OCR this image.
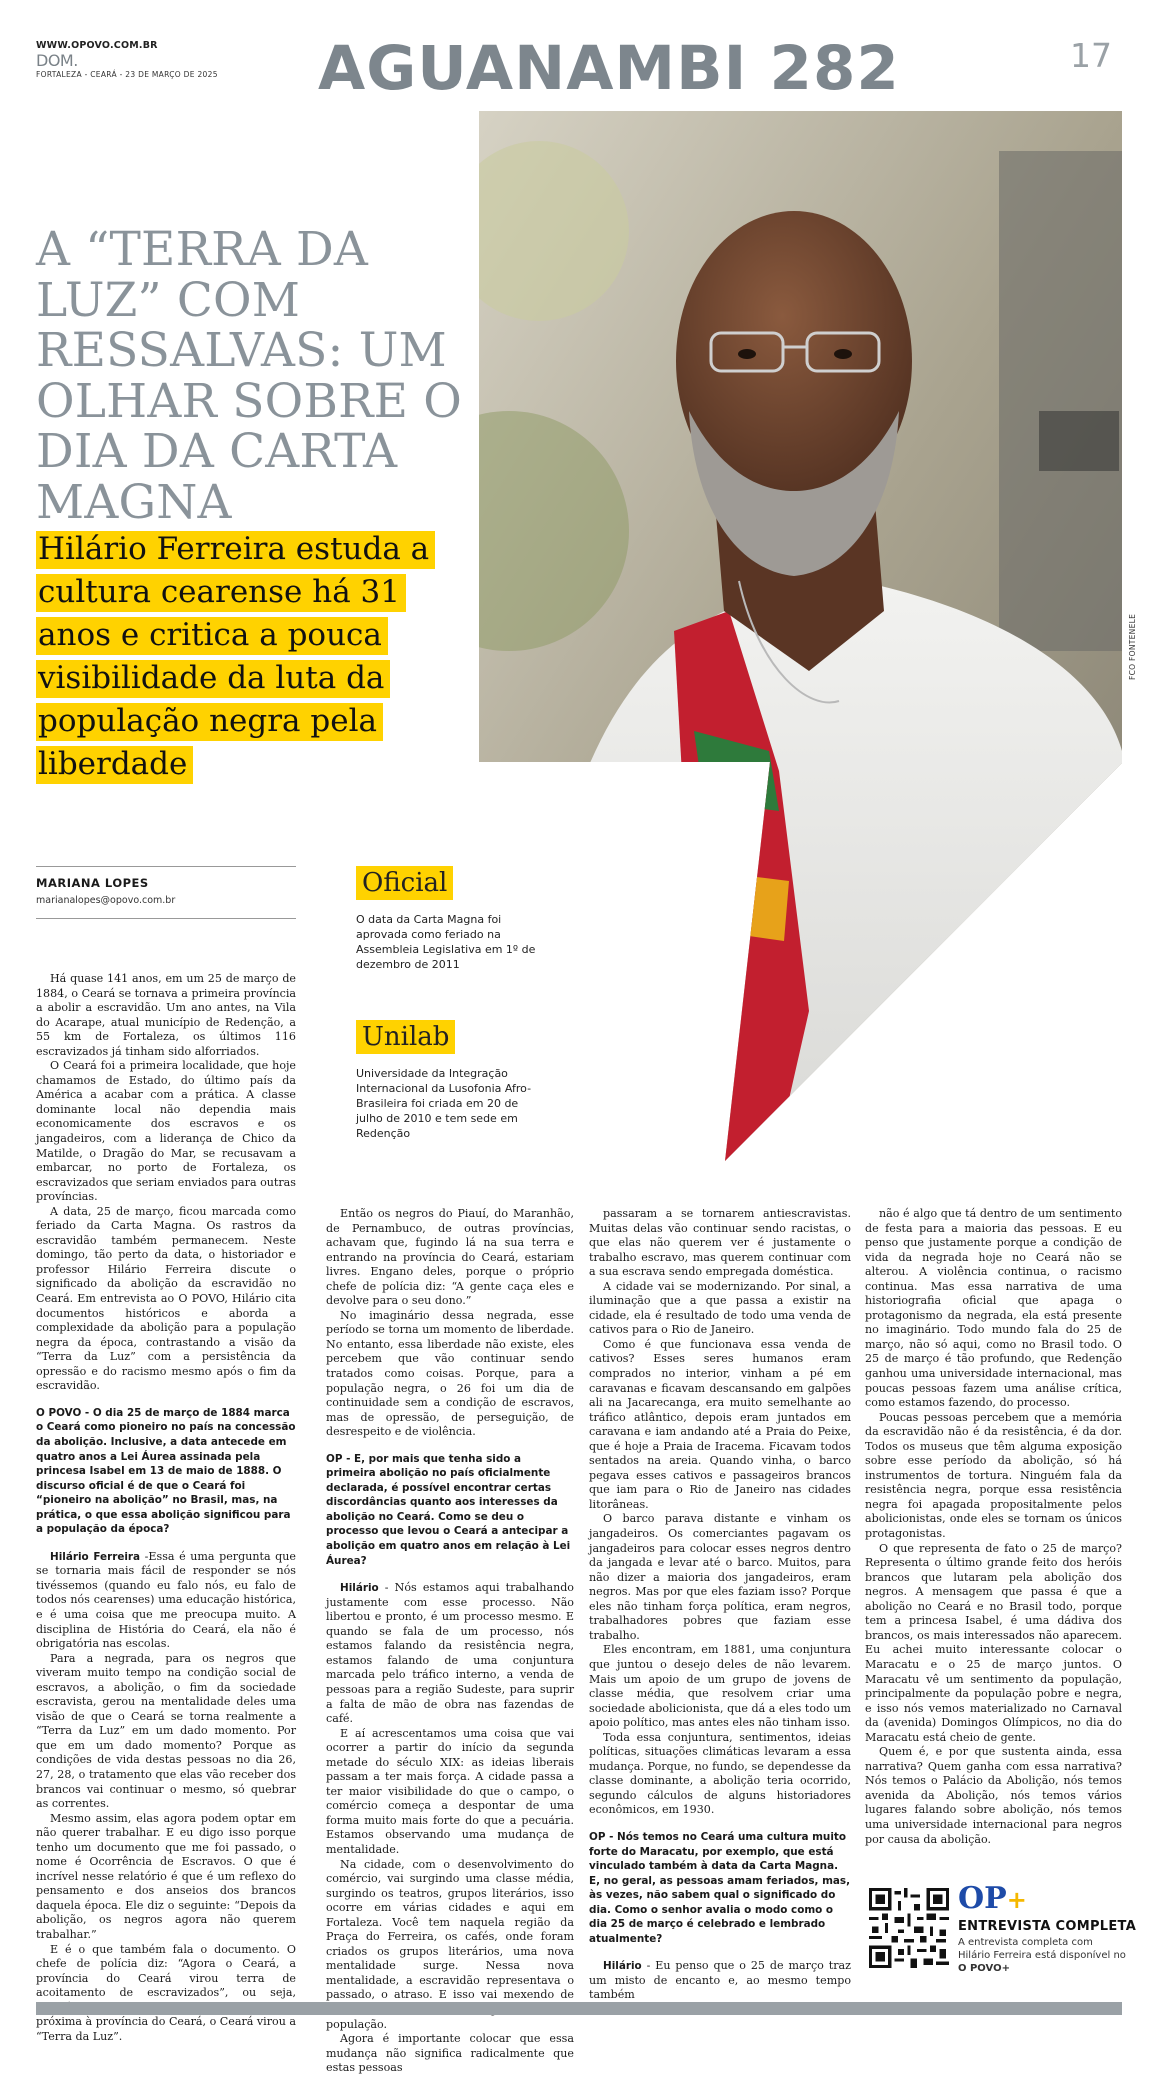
WWW.OPOVO.COM.BR
DOM.
FORTALEZA - CEARÁ - 23 DE MARÇO DE 2025 AGUANAMBI 282	17
FCO FONTENELE
A “TERRA DA LUZ” COM RESSALVAS: UM OLHAR SOBRE O DIA DA CARTA MAGNA
Hilário Ferreira estuda a cultura cearense há 31 anos e critica a pouca visibilidade da luta da população negra pela liberdade
MARIANA LOPES
marianalopes@opovo.com.br
Oficial
O data da Carta Magna foi aprovada como feriado na Assembleia Legislativa em 1º de dezembro de 2011
Unilab
Universidade da Integração Internacional da Lusofonia Afro-Brasileira foi criada em 20 de julho de 2010 e tem sede em Redenção

Há quase 141 anos, em um 25 de março de 1884, o Ceará se tornava a primeira província a abolir a escravidão. Um ano antes, na Vila do Acarape, atual município de Redenção, a 55 km de Fortaleza, os últimos 116 escravizados já tinham sido alforriados.

O Ceará foi a primeira localidade, que hoje chamamos de Estado, do último país da América a acabar com a prática. A classe dominante local não dependia mais economicamente dos escravos e os jangadeiros, com a liderança de Chico da Matilde, o Dragão do Mar, se recusavam a embarcar, no porto de Fortaleza, os escravizados que seriam enviados para outras províncias.

A data, 25 de março, ficou marcada como feriado da Carta Magna. Os rastros da escravidão também permanecem. Neste domingo, tão perto da data, o historiador e professor Hilário Ferreira discute o significado da abolição da escravidão no Ceará. Em entrevista ao O POVO, Hilário cita documentos históricos e aborda a complexidade da abolição para a população negra da época, contrastando a visão da “Terra da Luz” com a persistência da opressão e do racismo mesmo após o fim da escravidão.

O POVO - O dia 25 de março de 1884 marca o Ceará como pioneiro no país na concessão da abolição. Inclusive, a data antecede em quatro anos a Lei Áurea assinada pela princesa Isabel em 13 de maio de 1888. O discurso oficial é de que o Ceará foi “pioneiro na abolição” no Brasil, mas, na prática, o que essa abolição significou para a população da época?

Hilário Ferreira -Essa é uma pergunta que se tornaria mais fácil de responder se nós tivéssemos (quando eu falo nós, eu falo de todos nós cearenses) uma educação histórica, e é uma coisa que me preocupa muito. A disciplina de História do Ceará, ela não é obrigatória nas escolas.

Para a negrada, para os negros que viveram muito tempo na condição social de escravos, a abolição, o fim da sociedade escravista, gerou na mentalidade deles uma visão de que o Ceará se torna realmente a “Terra da Luz” em um dado momento. Por que em um dado momento? Porque as condições de vida destas pessoas no dia 26, 27, 28, o tratamento que elas vão receber dos brancos vai continuar o mesmo, só quebrar as correntes.

Mesmo assim, elas agora podem optar em não querer trabalhar. E eu digo isso porque tenho um documento que me foi passado, o nome é Ocorrência de Escravos. O que é incrível nesse relatório é que é um reflexo do pensamento e dos anseios dos brancos daquela época. Ele diz o seguinte: “Depois da abolição, os negros agora não querem trabalhar.”

E é o que também fala o documento. O chefe de polícia diz: “Agora o Ceará, a província do Ceará virou terra de acoitamento de escravizados”, ou seja, próxima à província do Ceará, o Ceará virou a “Terra da Luz”.

Então os negros do Piauí, do Maranhão, de Pernambuco, de outras províncias, achavam que, fugindo lá na sua terra e entrando na província do Ceará, estariam livres. Engano deles, porque o próprio chefe de polícia diz: “A gente caça eles e devolve para o seu dono.”

No imaginário dessa negrada, esse período se torna um momento de liberdade. No entanto, essa liberdade não existe, eles percebem que vão continuar sendo tratados como coisas. Porque, para a população negra, o 26 foi um dia de continuidade sem a condição de escravos, mas de opressão, de perseguição, de desrespeito e de violência.

OP - E, por mais que tenha sido a primeira abolição no país oficialmente declarada, é possível encontrar certas discordâncias quanto aos interesses da abolição no Ceará. Como se deu o processo que levou o Ceará a antecipar a abolição em quatro anos em relação à Lei Áurea?

Hilário - Nós estamos aqui trabalhando justamente com esse processo. Não libertou e pronto, é um processo mesmo. E quando se fala de um processo, nós estamos falando da resistência negra, estamos falando de uma conjuntura marcada pelo tráfico interno, a venda de pessoas para a região Sudeste, para suprir a falta de mão de obra nas fazendas de café.

E aí acrescentamos uma coisa que vai ocorrer a partir do início da segunda metade do século XIX: as ideias liberais passam a ter mais força. A cidade passa a ter maior visibilidade do que o campo, o comércio começa a despontar de uma forma muito mais forte do que a pecuária. Estamos observando uma mudança de mentalidade.

Na cidade, com o desenvolvimento do comércio, vai surgindo uma classe média, surgindo os teatros, grupos literários, isso ocorre em várias cidades e aqui em Fortaleza. Você tem naquela região da Praça do Ferreira, os cafés, onde foram criados os grupos literários, uma nova mentalidade surge. Nessa nova mentalidade, a escravidão representava o passado, o atraso. E isso vai mexendo de população.

Agora é importante colocar que essa mudança não significa radicalmente que estas pessoas

passaram a se tornarem antiescravistas. Muitas delas vão continuar sendo racistas, o que elas não querem ver é justamente o trabalho escravo, mas querem continuar com a sua escrava sendo empregada doméstica.

A cidade vai se modernizando. Por sinal, a iluminação que a que passa a existir na cidade, ela é resultado de todo uma venda de cativos para o Rio de Janeiro.

Como é que funcionava essa venda de cativos? Esses seres humanos eram comprados no interior, vinham a pé em caravanas e ficavam descansando em galpões ali na Jacarecanga, era muito semelhante ao tráfico atlântico, depois eram juntados em caravana e iam andando até a Praia do Peixe, que é hoje a Praia de Iracema. Ficavam todos sentados na areia. Quando vinha, o barco pegava esses cativos e passageiros brancos que iam para o Rio de Janeiro nas cidades litorâneas.

O barco parava distante e vinham os jangadeiros. Os comerciantes pagavam os jangadeiros para colocar esses negros dentro da jangada e levar até o barco. Muitos, para não dizer a maioria dos jangadeiros, eram negros. Mas por que eles faziam isso? Porque eles não tinham força política, eram negros, trabalhadores pobres que faziam esse trabalho.

Eles encontram, em 1881, uma conjuntura que juntou o desejo deles de não levarem. Mais um apoio de um grupo de jovens de classe média, que resolvem criar uma sociedade abolicionista, que dá a eles todo um apoio político, mas antes eles não tinham isso.

Toda essa conjuntura, sentimentos, ideias políticas, situações climáticas levaram a essa mudança. Porque, no fundo, se dependesse da classe dominante, a abolição teria ocorrido, segundo cálculos de alguns historiadores econômicos, em 1930.

OP - Nós temos no Ceará uma cultura muito forte do Maracatu, por exemplo, que está vinculado também à data da Carta Magna. E, no geral, as pessoas amam feriados, mas, às vezes, não sabem qual o significado do dia. Como o senhor avalia o modo como o dia 25 de março é celebrado e lembrado atualmente?

Hilário - Eu penso que o 25 de março traz um misto de encanto e, ao mesmo tempo também

não é algo que tá dentro de um sentimento de festa para a maioria das pessoas. E eu penso que justamente porque a condição de vida da negrada hoje no Ceará não se alterou. A violência continua, o racismo continua. Mas essa narrativa de uma historiografia oficial que apaga o protagonismo da negrada, ela está presente no imaginário. Todo mundo fala do 25 de março, não só aqui, como no Brasil todo. O 25 de março é tão profundo, que Redenção ganhou uma universidade internacional, mas poucas pessoas fazem uma análise crítica, como estamos fazendo, do processo.

Poucas pessoas percebem que a memória da escravidão não é da resistência, é da dor. Todos os museus que têm alguma exposição sobre esse período da abolição, só há instrumentos de tortura. Ninguém fala da resistência negra, porque essa resistência negra foi apagada propositalmente pelos abolicionistas, onde eles se tornam os únicos protagonistas.

O que representa de fato o 25 de março? Representa o último grande feito dos heróis brancos que lutaram pela abolição dos negros. A mensagem que passa é que a abolição no Ceará e no Brasil todo, porque tem a princesa Isabel, é uma dádiva dos brancos, os mais interessados não aparecem. Eu achei muito interessante colocar o Maracatu e o 25 de março juntos. O Maracatu vê um sentimento da população, principalmente da população pobre e negra, e isso nós vemos materializado no Carnaval da (avenida) Domingos Olímpicos, no dia do Maracatu está cheio de gente.

Quem é, e por que sustenta ainda, essa narrativa? Quem ganha com essa narrativa? Nós temos o Palácio da Abolição, nós temos avenida da Abolição, nós temos vários lugares falando sobre abolição, nós temos uma universidade internacional para negros por causa da abolição.

OP+
ENTREVISTA COMPLETA
A entrevista completa com Hilário Ferreira está disponível no O POVO+
